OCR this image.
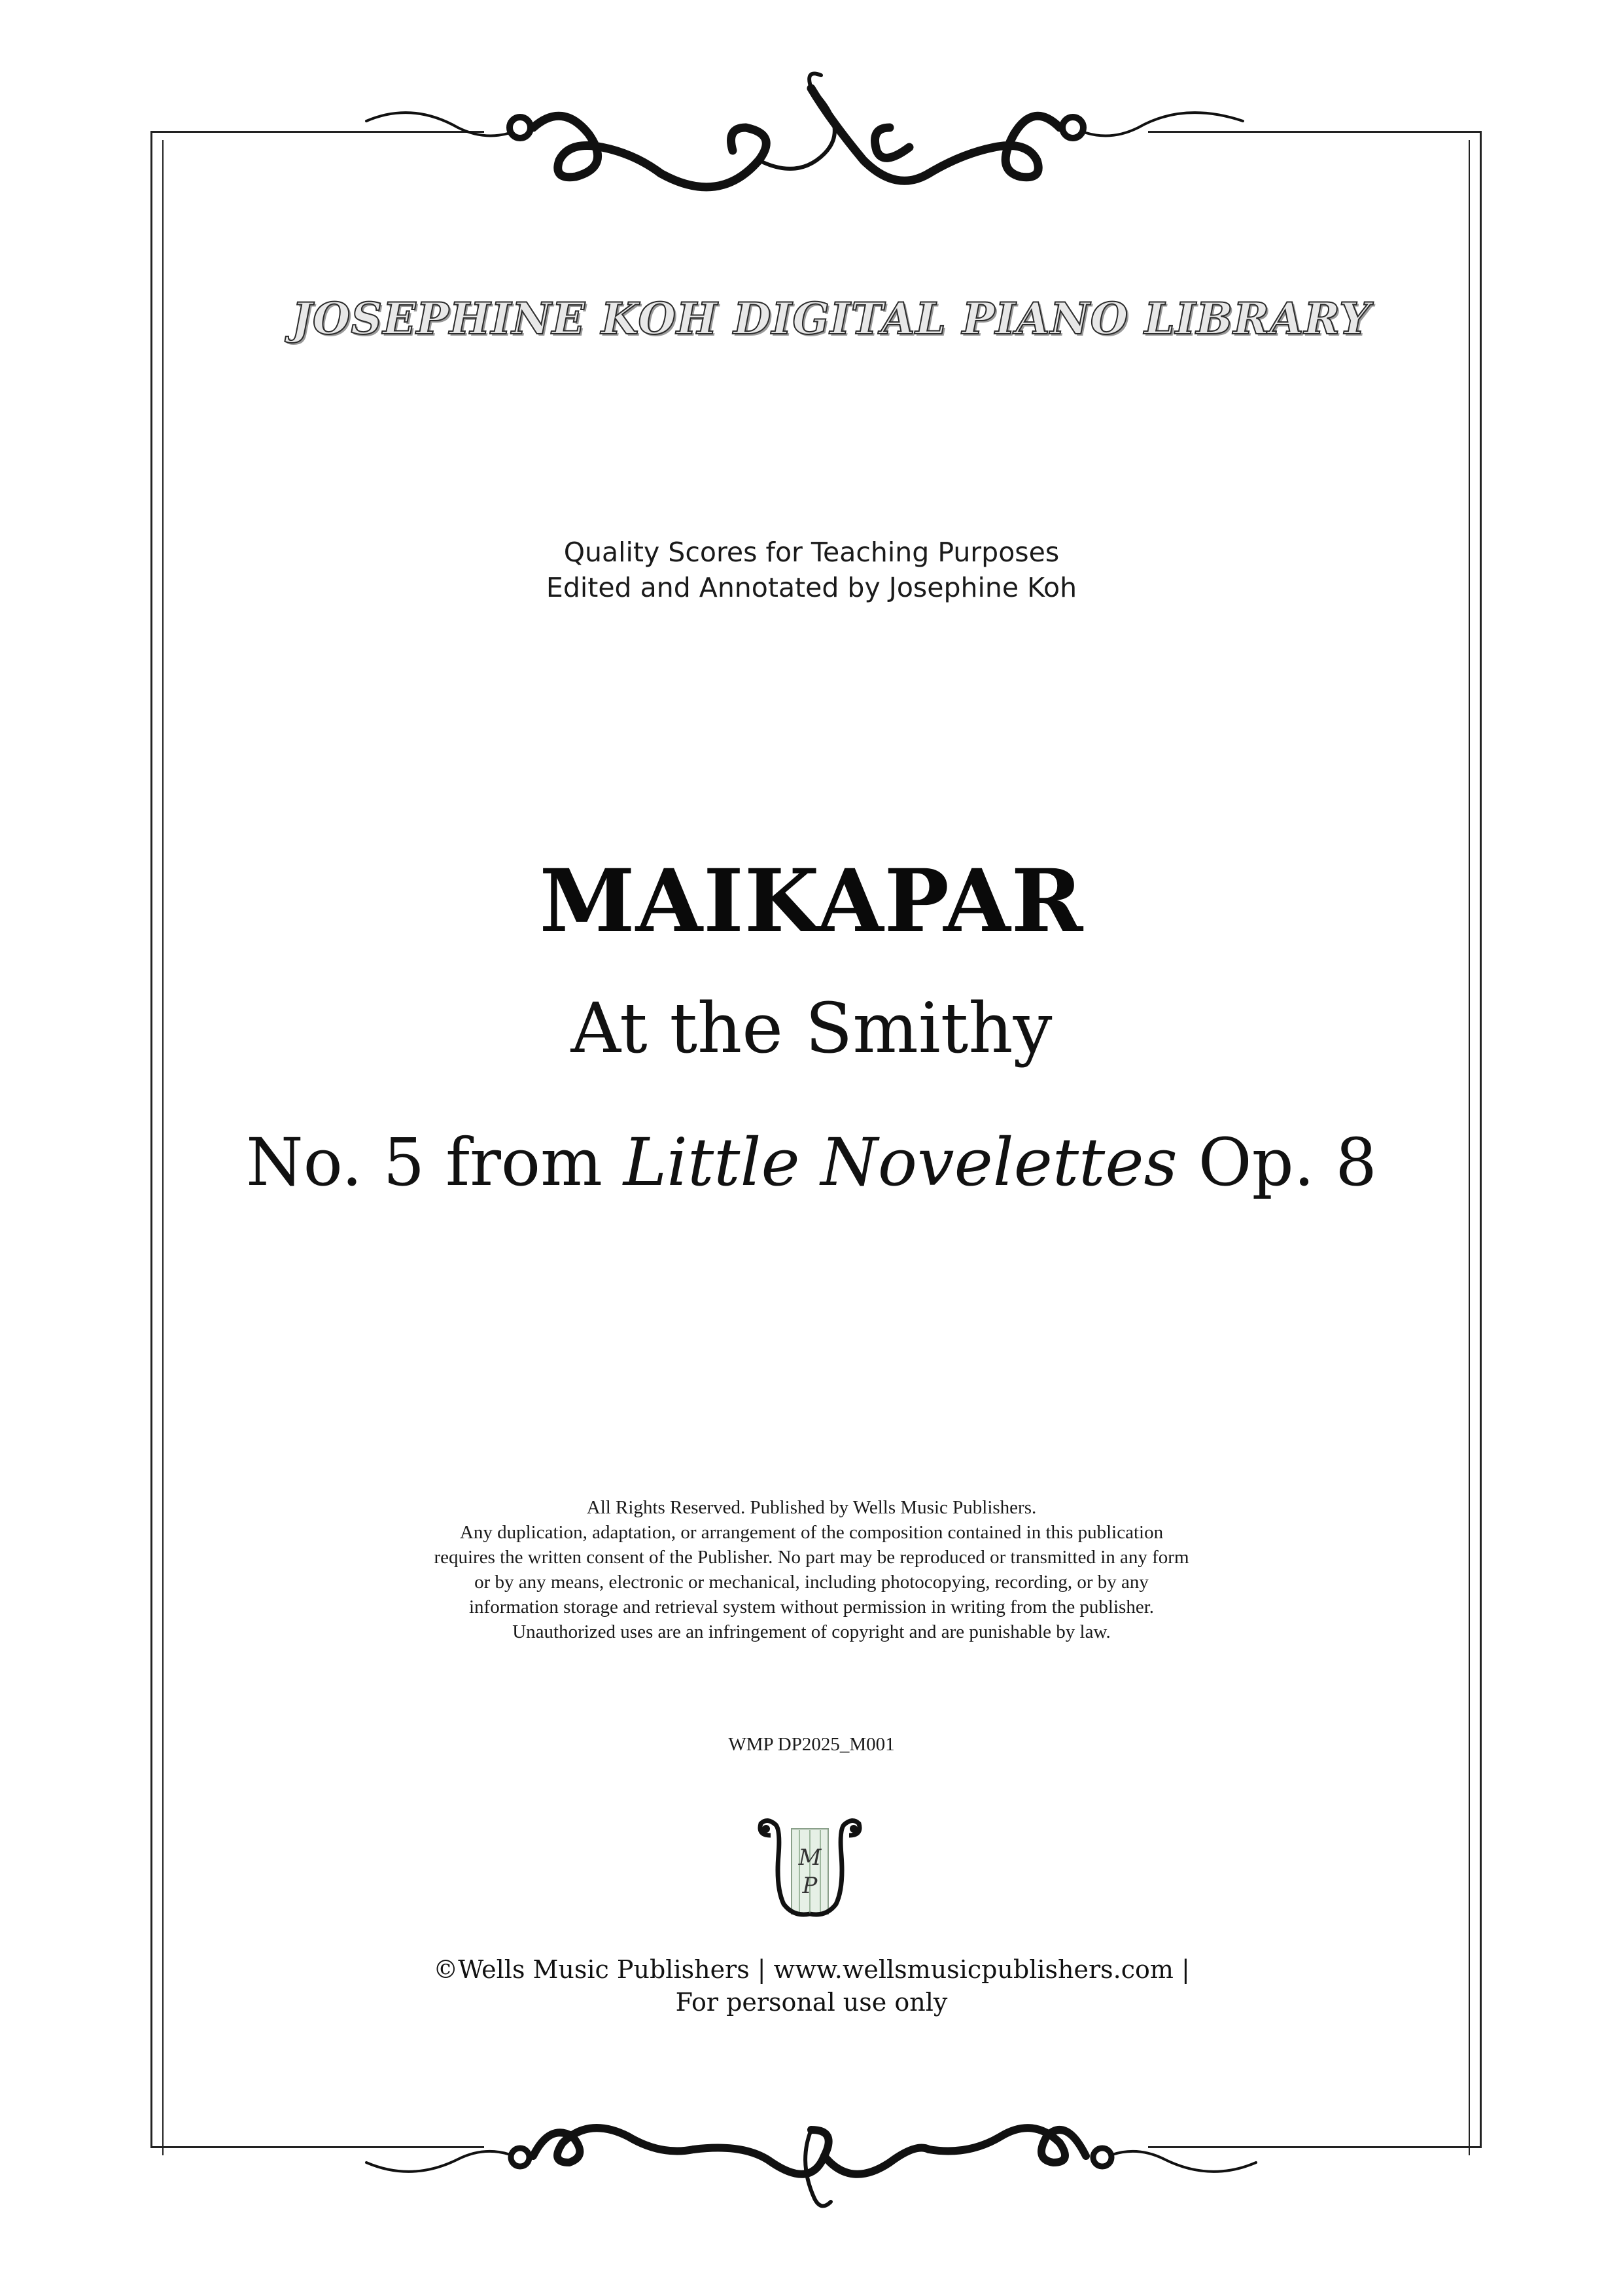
JOSEPHINE KOH DIGITAL PIANO LIBRARY
Quality Scores for Teaching Purposes
Edited and Annotated by Josephine Koh
MAIKAPAR
At the Smithy
No. 5 from Little Novelettes Op. 8
All Rights Reserved. Published by Wells Music Publishers.
Any duplication, adaptation, or arrangement of the composition contained in this publication
requires the written consent of the Publisher. No part may be reproduced or transmitted in any form
or by any means, electronic or mechanical, including photocopying, recording, or by any
information storage and retrieval system without permission in writing from the publisher.
Unauthorized uses are an infringement of copyright and are punishable by law.
WMP DP2025_M001
M
P
©Wells Music Publishers | www.wellsmusicpublishers.com |
For personal use only
